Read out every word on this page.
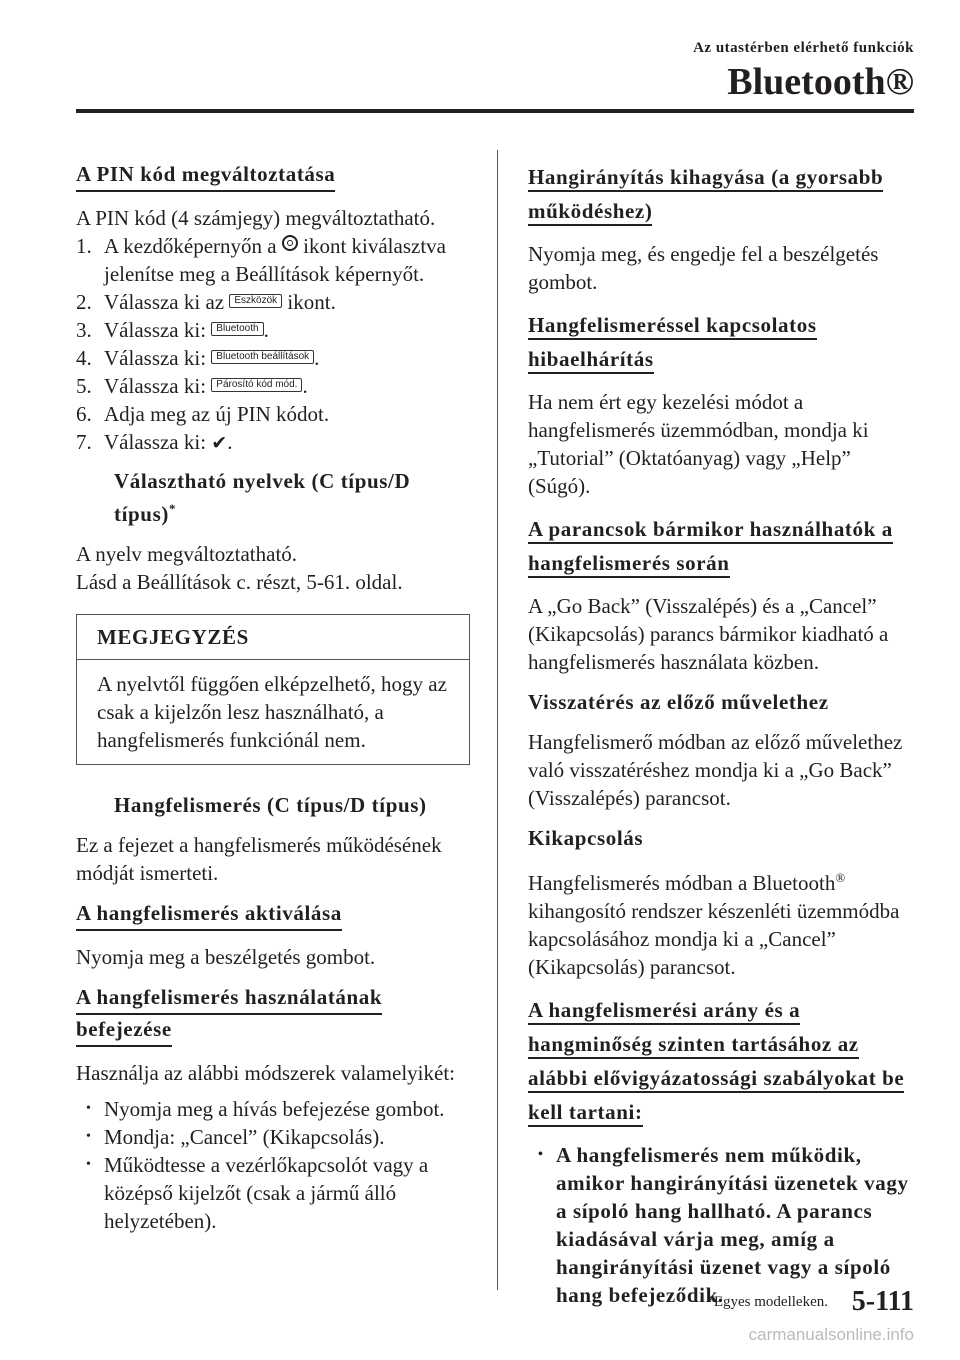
Az utastérben elérhető funkciók
Bluetooth®

A PIN kód megváltoztatása

A PIN kód (4 számjegy) megváltoztatható.

1. A kezdőképernyőn a ikont kiválasztva jelenítse meg a Beállítások képernyőt.
2. Válassza ki az Eszközök ikont.
3. Válassza ki: Bluetooth .
4. Válassza ki: Bluetooth beállítások .
5. Válassza ki: Párosító kód mód. .
6. Adja meg az új PIN kódot.
7. Válassza ki: ✔.

Választható nyelvek (C típus/D típus)*

A nyelv megváltoztatható.

Lásd a Beállítások c. részt, 5-61. oldal.

MEGJEGYZÉS
A nyelvtől függően elképzelhető, hogy az csak a kijelzőn lesz használható, a hangfelismerés funkciónál nem.

Hangfelismerés (C típus/D típus)

Ez a fejezet a hangfelismerés működésének módját ismerteti.

A hangfelismerés aktiválása

Nyomja meg a beszélgetés gombot.

A hangfelismerés használatának

befejezése

Használja az alábbi módszerek valamelyikét:

• Nyomja meg a hívás befejezése gombot.
• Mondja: „Cancel” (Kikapcsolás).
• Működtesse a vezérlőkapcsolót vagy a középső kijelzőt (csak a jármű álló helyzetében).

Hangirányítás kihagyása (a gyorsabb működéshez)

Nyomja meg, és engedje fel a beszélgetés gombot.

Hangfelismeréssel kapcsolatos hibaelhárítás

Ha nem ért egy kezelési módot a hangfelismerés üzemmódban, mondja ki „Tutorial” (Oktatóanyag) vagy „Help” (Súgó).

A parancsok bármikor használhatók a hangfelismerés során

A „Go Back” (Visszalépés) és a „Cancel” (Kikapcsolás) parancs bármikor kiadható a hangfelismerés használata közben.

Visszatérés az előző művelethez

Hangfelismerő módban az előző művelethez való visszatéréshez mondja ki a „Go Back” (Visszalépés) parancsot.

Kikapcsolás

Hangfelismerés módban a Bluetooth® kihangosító rendszer készenléti üzemmódba kapcsolásához mondja ki a „Cancel” (Kikapcsolás) parancsot.

A hangfelismerési arány és a hangminőség szinten tartásához az alábbi elővigyázatossági szabályokat be kell tartani:

• A hangfelismerés nem működik, amikor hangirányítási üzenetek vagy a sípoló hang hallható. A parancs kiadásával várja meg, amíg a hangirányítási üzenet vagy a sípoló hang befejeződik.
*Egyes modelleken. 5-111
carmanualsonline.info
